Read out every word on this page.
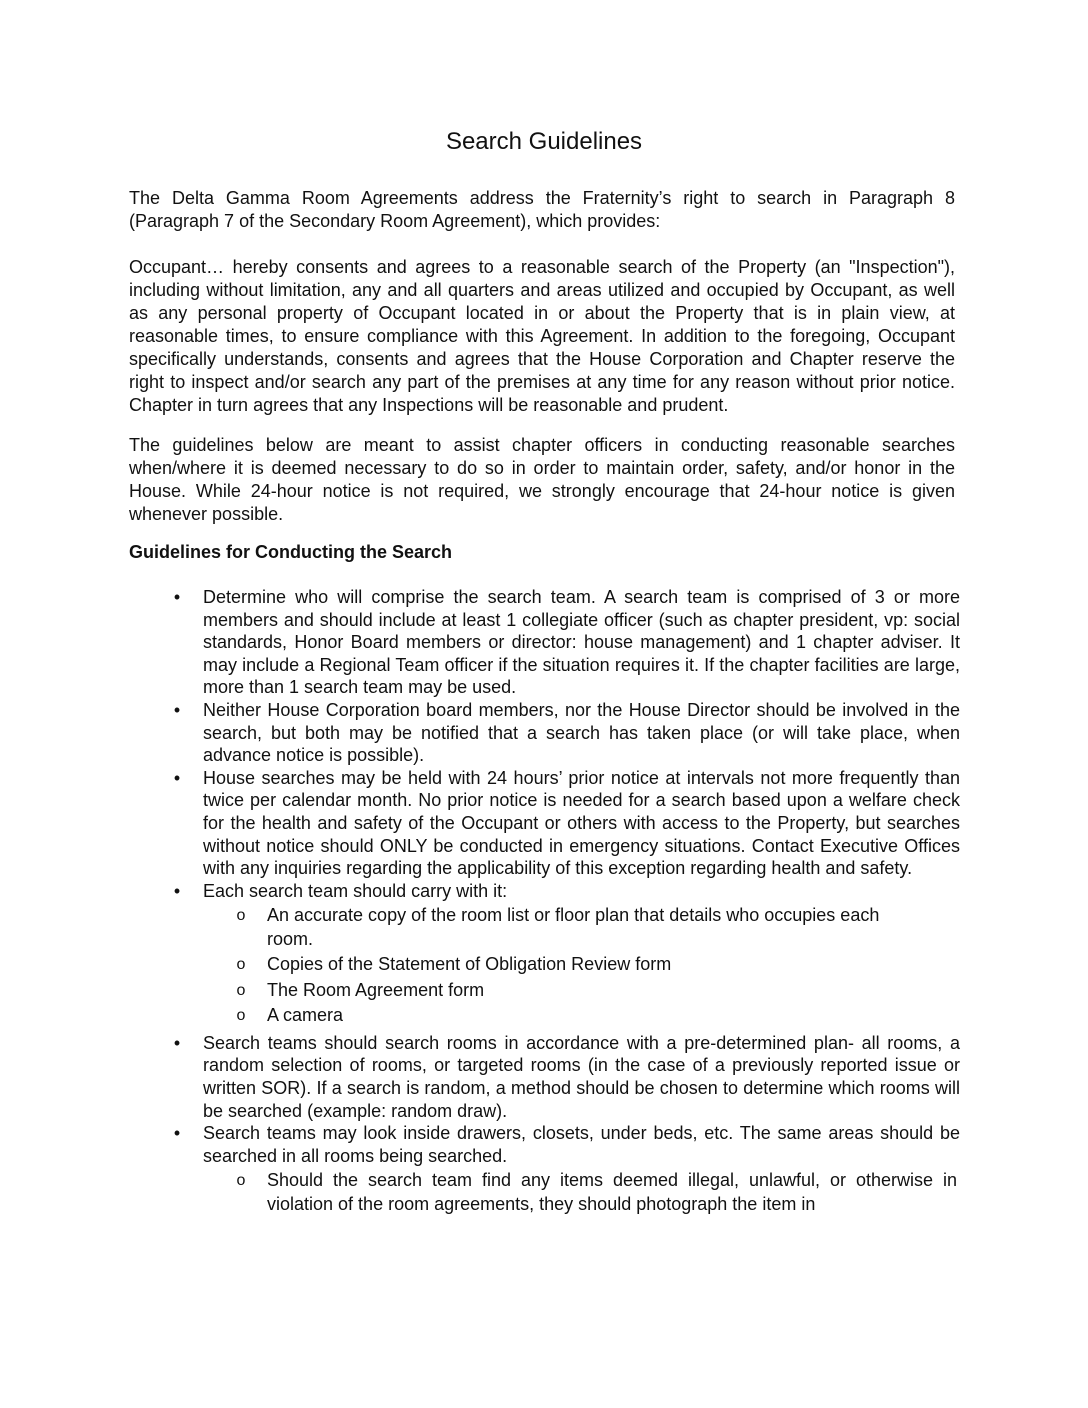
Search Guidelines

The Delta Gamma Room Agreements address the Fraternity’s right to search in Paragraph 8 (Paragraph 7 of the Secondary Room Agreement), which provides:

Occupant… hereby consents and agrees to a reasonable search of the Property (an "Inspection"), including without limitation, any and all quarters and areas utilized and occupied by Occupant, as well as any personal property of Occupant located in or about the Property that is in plain view, at reasonable times, to ensure compliance with this Agreement. In addition to the foregoing, Occupant specifically understands, consents and agrees that the House Corporation and Chapter reserve the right to inspect and/or search any part of the premises at any time for any reason without prior notice. Chapter in turn agrees that any Inspections will be reasonable and prudent.

The guidelines below are meant to assist chapter officers in conducting reasonable searches when/where it is deemed necessary to do so in order to maintain order, safety, and/or honor in the House. While 24-hour notice is not required, we strongly encourage that 24-hour notice is given whenever possible.

Guidelines for Conducting the Search

• Determine who will comprise the search team. A search team is comprised of 3 or more members and should include at least 1 collegiate officer (such as chapter president, vp: social standards, Honor Board members or director: house management) and 1 chapter adviser. It may include a Regional Team officer if the situation requires it. If the chapter facilities are large, more than 1 search team may be used.
• Neither House Corporation board members, nor the House Director should be involved in the search, but both may be notified that a search has taken place (or will take place, when advance notice is possible).
• House searches may be held with 24 hours’ prior notice at intervals not more frequently than twice per calendar month. No prior notice is needed for a search based upon a welfare check for the health and safety of the Occupant or others with access to the Property, but searches without notice should ONLY be conducted in emergency situations. Contact Executive Offices with any inquiries regarding the applicability of this exception regarding health and safety.
• Each search team should carry with it:
o An accurate copy of the room list or floor plan that details who occupies each room.
o Copies of the Statement of Obligation Review form
o The Room Agreement form
o A camera
• Search teams should search rooms in accordance with a pre-determined plan- all rooms, a random selection of rooms, or targeted rooms (in the case of a previously reported issue or written SOR). If a search is random, a method should be chosen to determine which rooms will be searched (example: random draw).
• Search teams may look inside drawers, closets, under beds, etc. The same areas should be searched in all rooms being searched.
o Should the search team find any items deemed illegal, unlawful, or otherwise in violation of the room agreements, they should photograph the item in
